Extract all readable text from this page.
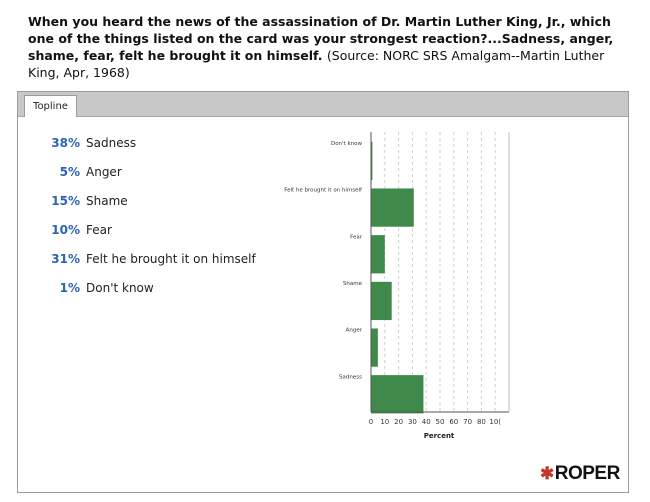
When you heard the news of the assassination of Dr. Martin Luther King, Jr., which one of the things listed on the card was your strongest reaction?...Sadness, anger, shame, fear, felt he brought it on himself. (Source: NORC SRS Amalgam--Martin Luther King, Apr, 1968)
Topline
38% Sadness
5% Anger
15% Shame
10% Fear
31% Felt he brought it on himself
1% Don't know
Don't know
Felt he brought it on himself
Fear
Shame
Anger
Sadness
0 10 20 30 40 50 60 70 80 10(
Percent
✱ROPER
